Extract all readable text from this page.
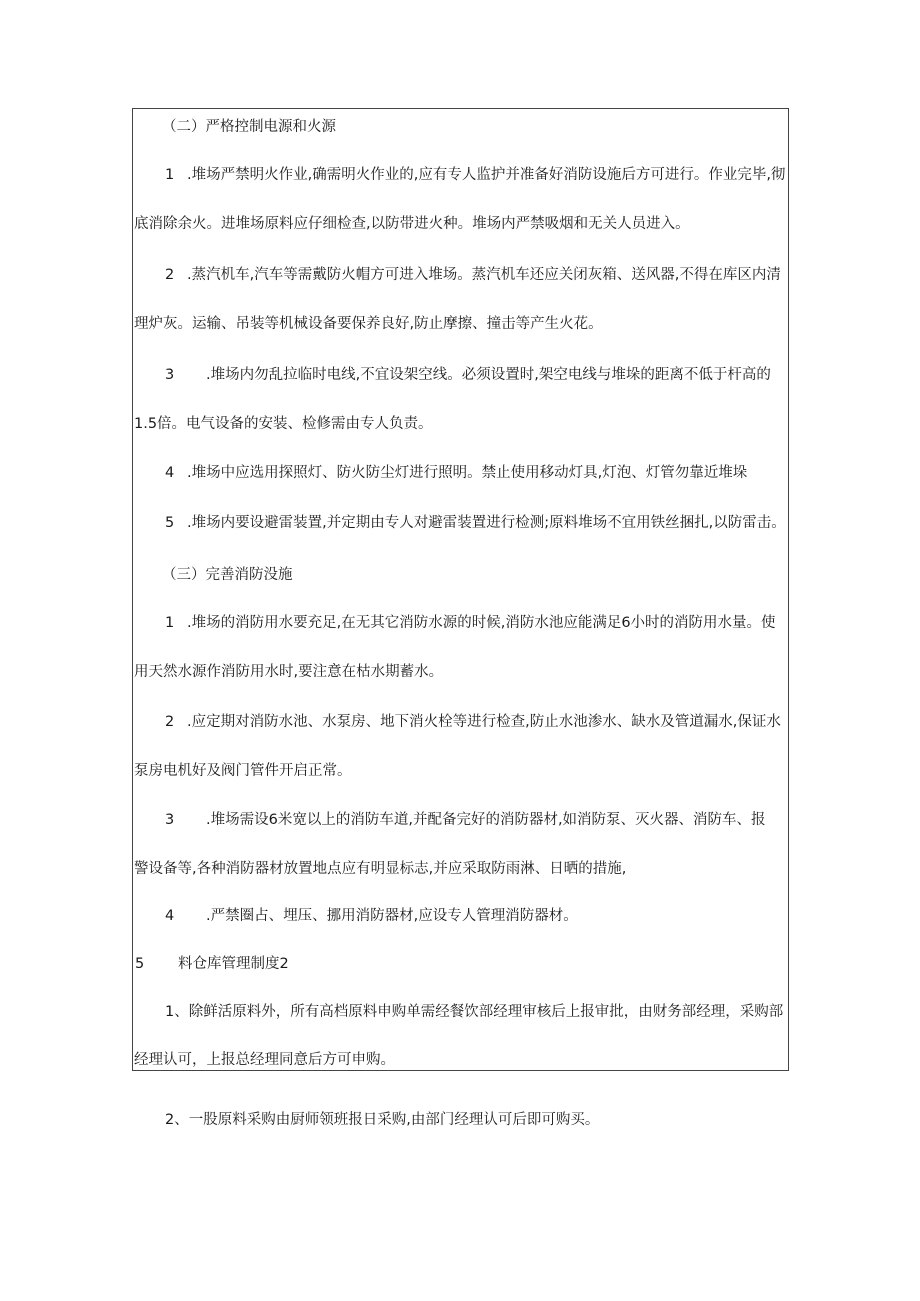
（二）严格控制电源和火源
1 .堆场严禁明火作业,确需明火作业的,应有专人监护并准备好消防设施后方可进行。作业完毕,彻
底消除余火。进堆场原料应仔细检查,以防带进火种。堆场内严禁吸烟和无关人员进入。
2 .蒸汽机车,汽车等需戴防火帽方可进入堆场。蒸汽机车还应关闭灰箱、送风器,不得在库区内清
理炉灰。运输、吊装等机械设备要保养良好,防止摩擦、撞击等产生火花。
3 .堆场内勿乱拉临时电线,不宜设架空线。必须设置时,架空电线与堆垛的距离不低于杆高的
1.5倍。电气设备的安装、检修需由专人负责。
4 .堆场中应选用探照灯、防火防尘灯进行照明。禁止使用移动灯具,灯泡、灯管勿靠近堆垛
5 .堆场内要设避雷装置,并定期由专人对避雷装置进行检测;原料堆场不宜用铁丝捆扎,以防雷击。
（三）完善消防没施
1 .堆场的消防用水要充足,在无其它消防水源的时候,消防水池应能满足6小时的消防用水量。使
用天然水源作消防用水时,要注意在枯水期蓄水。
2 .应定期对消防水池、水泵房、地下消火栓等进行检查,防止水池渗水、缺水及管道漏水,保证水
泵房电机好及阀门管件开启正常。
3 .堆场需设6米宽以上的消防车道,并配备完好的消防器材,如消防泵、灭火器、消防车、报
警设备等,各种消防器材放置地点应有明显标志,并应采取防雨淋、日晒的措施,
4 .严禁圈占、埋压、挪用消防器材,应设专人管理消防器材。
5 料仓库管理制度2
1、除鲜活原料外，所有高档原料申购单需经餐饮部经理审核后上报审批，由财务部经理，采购部
经理认可，上报总经理同意后方可申购。
2、一股原料采购由厨师领班报日采购,由部门经理认可后即可购买。
